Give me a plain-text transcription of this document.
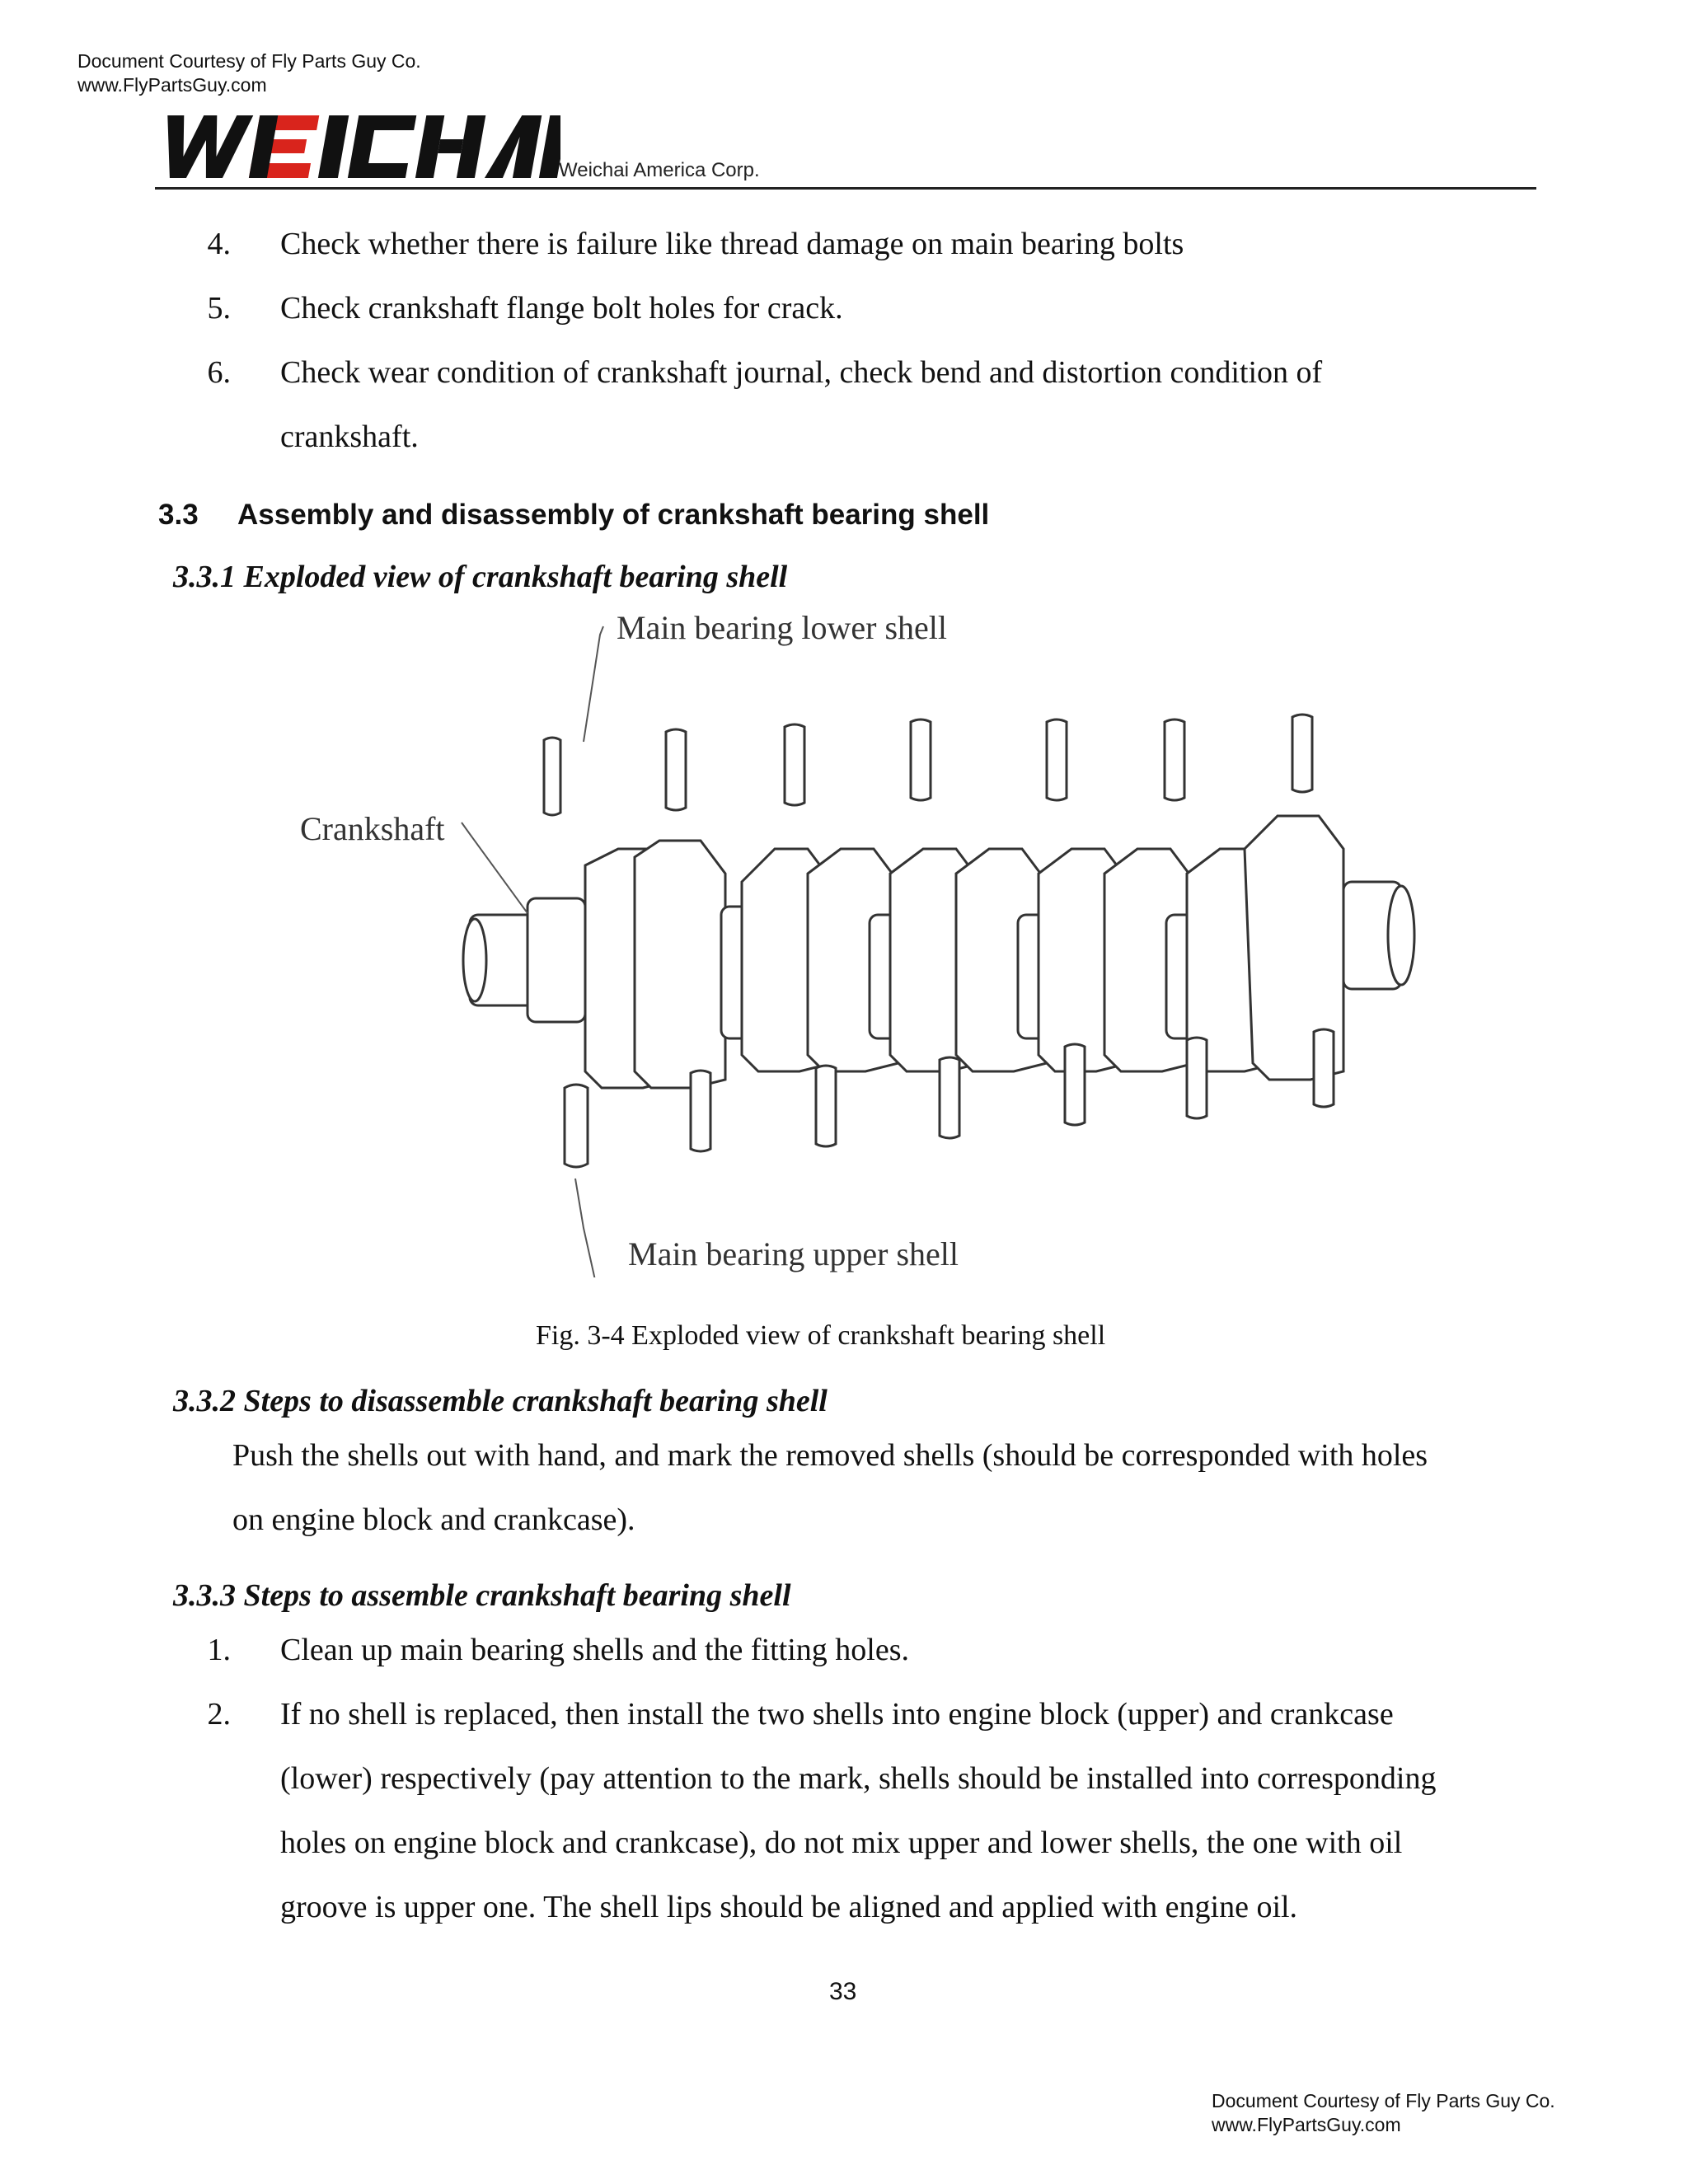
Document Courtesy of Fly Parts Guy Co.
www.FlyPartsGuy.com
Weichai America Corp.
4. Check whether there is failure like thread damage on main bearing bolts
5. Check crankshaft flange bolt holes for crack.
6. Check wear condition of crankshaft journal, check bend and distortion condition of
crankshaft.
3.3 Assembly and disassembly of crankshaft bearing shell
3.3.1 Exploded view of crankshaft bearing shell
Main bearing lower shell
Crankshaft
Main bearing upper shell
Fig. 3-4 Exploded view of crankshaft bearing shell
3.3.2 Steps to disassemble crankshaft bearing shell
Push the shells out with hand, and mark the removed shells (should be corresponded with holes
on engine block and crankcase).
3.3.3 Steps to assemble crankshaft bearing shell
1. Clean up main bearing shells and the fitting holes.
2. If no shell is replaced, then install the two shells into engine block (upper) and crankcase
(lower) respectively (pay attention to the mark, shells should be installed into corresponding
holes on engine block and crankcase), do not mix upper and lower shells, the one with oil
groove is upper one. The shell lips should be aligned and applied with engine oil.
33
Document Courtesy of Fly Parts Guy Co.
www.FlyPartsGuy.com
